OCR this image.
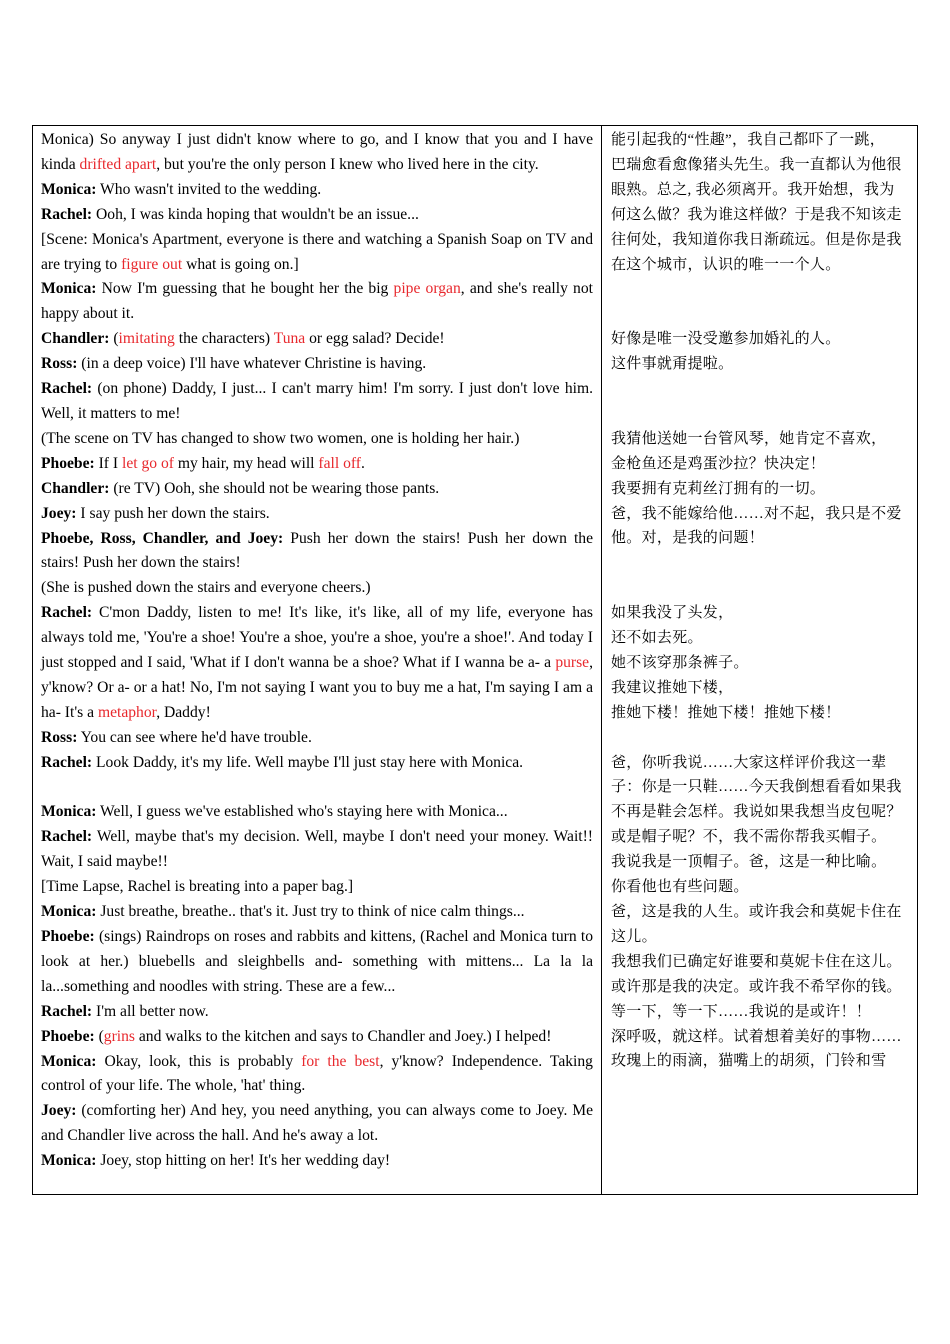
Monica) So anyway I just didn't know where to go, and I know that you and I have kinda drifted apart, but you're the only person I knew who lived here in the city.
Monica: Who wasn't invited to the wedding.
Rachel: Ooh, I was kinda hoping that wouldn't be an issue...
[Scene: Monica's Apartment, everyone is there and watching a Spanish Soap on TV and are trying to figure out what is going on.]
Monica: Now I'm guessing that he bought her the big pipe organ, and she's really not happy about it.
Chandler: (imitating the characters) Tuna or egg salad? Decide!
Ross: (in a deep voice) I'll have whatever Christine is having.
Rachel: (on phone) Daddy, I just... I can't marry him! I'm sorry. I just don't love him. Well, it matters to me!
(The scene on TV has changed to show two women, one is holding her hair.)
Phoebe: If I let go of my hair, my head will fall off.
Chandler: (re TV) Ooh, she should not be wearing those pants.
Joey: I say push her down the stairs.
Phoebe, Ross, Chandler, and Joey: Push her down the stairs! Push her down the stairs! Push her down the stairs!
(She is pushed down the stairs and everyone cheers.)
Rachel: C'mon Daddy, listen to me! It's like, it's like, all of my life, everyone has always told me, 'You're a shoe! You're a shoe, you're a shoe, you're a shoe!'. And today I just stopped and I said, 'What if I don't wanna be a shoe? What if I wanna be a- a purse, y'know? Or a- or a hat! No, I'm not saying I want you to buy me a hat, I'm saying I am a ha- It's a metaphor, Daddy!
Ross: You can see where he'd have trouble.
Rachel: Look Daddy, it's my life. Well maybe I'll just stay here with Monica.
Monica: Well, I guess we've established who's staying here with Monica...
Rachel: Well, maybe that's my decision. Well, maybe I don't need your money. Wait!! Wait, I said maybe!!
[Time Lapse, Rachel is breating into a paper bag.]
Monica: Just breathe, breathe.. that's it. Just try to think of nice calm things...
Phoebe: (sings) Raindrops on roses and rabbits and kittens, (Rachel and Monica turn to look at her.) bluebells and sleighbells and- something with mittens... La la la la...something and noodles with string. These are a few...
Rachel: I'm all better now.
Phoebe: (grins and walks to the kitchen and says to Chandler and Joey.) I helped!
Monica: Okay, look, this is probably for the best, y'know? Independence. Taking control of your life. The whole, 'hat' thing.
Joey: (comforting her) And hey, you need anything, you can always come to Joey. Me and Chandler live across the hall. And he's away a lot.
Monica: Joey, stop hitting on her! It's her wedding day!
能引起我的“性趣”，我自己都吓了一跳，
巴瑞愈看愈像猪头先生。我一直都认为他很眼熟。总之, 我必须离开。我开始想，我为何这么做？我为谁这样做？于是我不知该走往何处，我知道你我日渐疏远。但是你是我在这个城市，认识的唯一一个人。
好像是唯一没受邀参加婚礼的人。
这件事就甭提啦。
我猜他送她一台管风琴，她肯定不喜欢，
金枪鱼还是鸡蛋沙拉？快决定！
我要拥有克莉丝汀拥有的一切。
爸，我不能嫁给他……对不起，我只是不爱他。对，是我的问题！
如果我没了头发，
还不如去死。
她不该穿那条裤子。
我建议推她下楼，
推她下楼！推她下楼！推她下楼！
爸，你听我说……大家这样评价我这一辈子：你是一只鞋……今天我倒想看看如果我不再是鞋会怎样。我说如果我想当皮包呢？
或是帽子呢？不，我不需你帮我买帽子。
我说我是一顶帽子。爸，这是一种比喻。
你看他也有些问题。
爸，这是我的人生。或许我会和莫妮卡住在这儿。
我想我们已确定好谁要和莫妮卡住在这儿。
或许那是我的决定。或许我不希罕你的钱。
等一下，等一下……我说的是或许！！
深呼吸，就这样。试着想着美好的事物……
玫瑰上的雨滴，猫嘴上的胡须，门铃和雪
